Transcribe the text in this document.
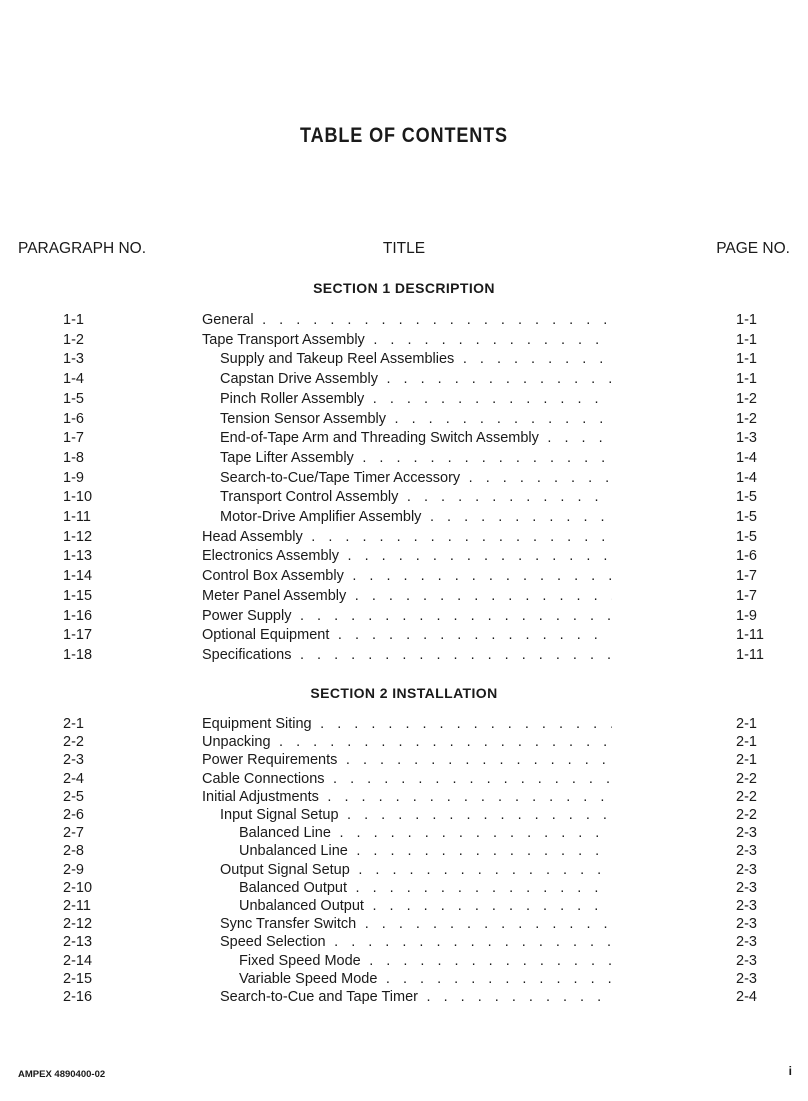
TABLE OF CONTENTS
PARAGRAPH NO.	TITLE	PAGE NO.
SECTION 1 DESCRIPTION
SECTION 2 INSTALLATION
1-1	General . . .	1-1
1-2	Tape Transport Assembly . . .	1-1
1-3	Supply and Takeup Reel Assemblies . . .	1-1
1-4	Capstan Drive Assembly . . .	1-1
1-5	Pinch Roller Assembly . . .	1-2
1-6	Tension Sensor Assembly . . .	1-2
1-7	End-of-Tape Arm and Threading Switch Assembly . . .	1-3
1-8	Tape Lifter Assembly . . .	1-4
1-9	Search-to-Cue/Tape Timer Accessory . . .	1-4
1-10	Transport Control Assembly . . .	1-5
1-11	Motor-Drive Amplifier Assembly . . .	1-5
1-12	Head Assembly . . .	1-5
1-13	Electronics Assembly . . .	1-6
1-14	Control Box Assembly . . .	1-7
1-15	Meter Panel Assembly . . .	1-7
1-16	Power Supply . . .	1-9
1-17	Optional Equipment . . .	1-11
1-18	Specifications . . .	1-11
2-1	Equipment Siting . . .	2-1
2-2	Unpacking . . .	2-1
2-3	Power Requirements . . .	2-1
2-4	Cable Connections . . .	2-2
2-5	Initial Adjustments . . .	2-2
2-6	Input Signal Setup . . .	2-2
2-7	Balanced Line . . .	2-3
2-8	Unbalanced Line . . .	2-3
2-9	Output Signal Setup . . .	2-3
2-10	Balanced Output . . .	2-3
2-11	Unbalanced Output . . .	2-3
2-12	Sync Transfer Switch . . .	2-3
2-13	Speed Selection . . .	2-3
2-14	Fixed Speed Mode . . .	2-3
2-15	Variable Speed Mode . . .	2-3
2-16	Search-to-Cue and Tape Timer . . .	2-4
AMPEX 4890400-02	i
